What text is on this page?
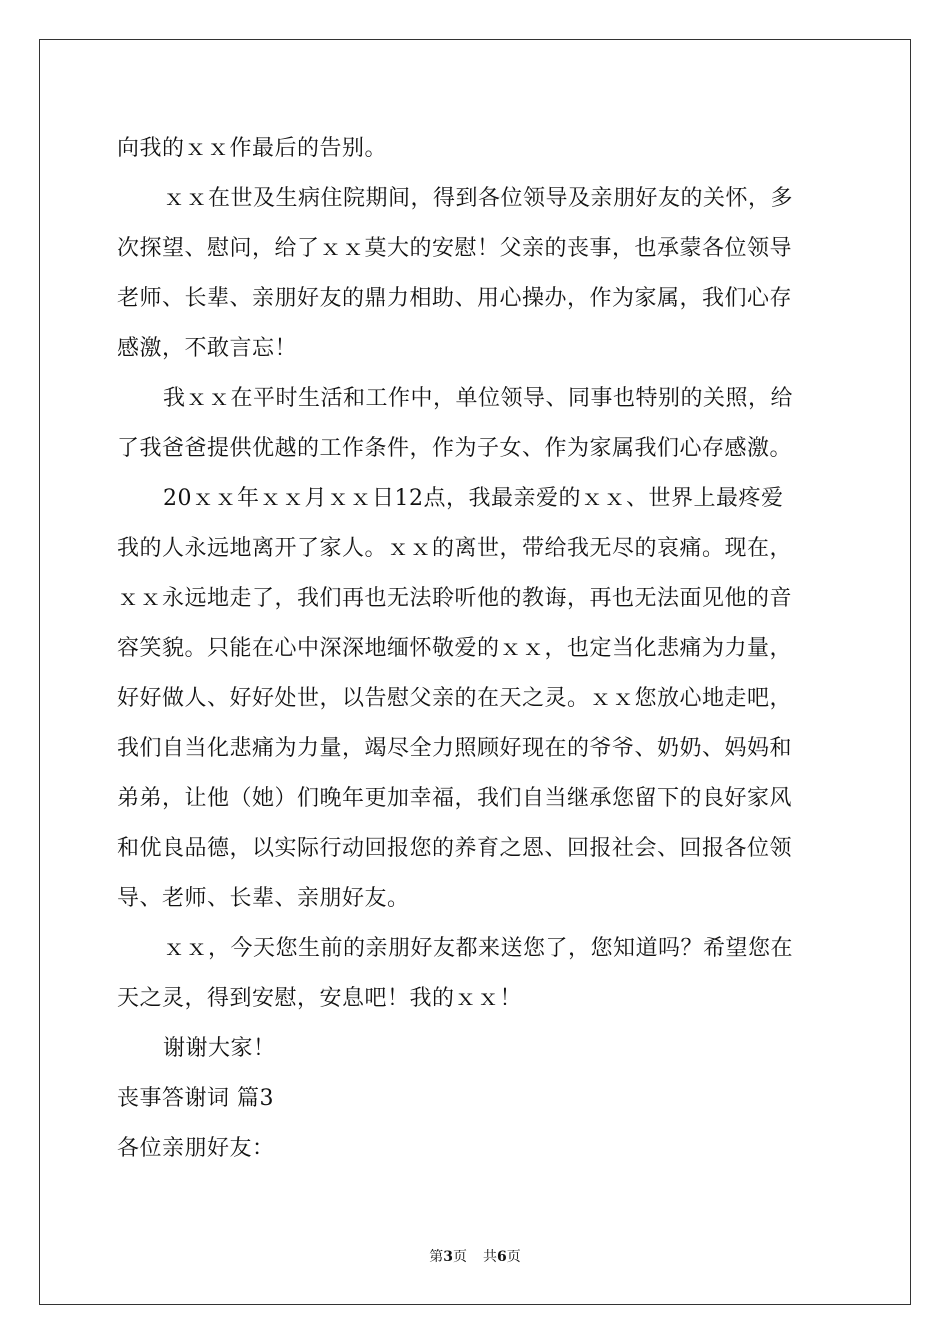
向我的ｘｘ作最后的告别。
ｘｘ在世及生病住院期间，得到各位领导及亲朋好友的关怀，多
次探望、慰问，给了ｘｘ莫大的安慰！父亲的丧事，也承蒙各位领导
老师、长辈、亲朋好友的鼎力相助、用心操办，作为家属，我们心存
感激，不敢言忘！
我ｘｘ在平时生活和工作中，单位领导、同事也特别的关照，给
了我爸爸提供优越的工作条件，作为子女、作为家属我们心存感激。
20ｘｘ年ｘｘ月ｘｘ日12点，我最亲爱的ｘｘ、世界上最疼爱
我的人永远地离开了家人。ｘｘ的离世，带给我无尽的哀痛。现在，
ｘｘ永远地走了，我们再也无法聆听他的教诲，再也无法面见他的音
容笑貌。只能在心中深深地缅怀敬爱的ｘｘ，也定当化悲痛为力量，
好好做人、好好处世，以告慰父亲的在天之灵。ｘｘ您放心地走吧，
我们自当化悲痛为力量，竭尽全力照顾好现在的爷爷、奶奶、妈妈和
弟弟，让他（她）们晚年更加幸福，我们自当继承您留下的良好家风
和优良品德，以实际行动回报您的养育之恩、回报社会、回报各位领
导、老师、长辈、亲朋好友。
ｘｘ，今天您生前的亲朋好友都来送您了，您知道吗？希望您在
天之灵，得到安慰，安息吧！我的ｘｘ！
谢谢大家！
丧事答谢词 篇3
各位亲朋好友：
第3页 共6页
